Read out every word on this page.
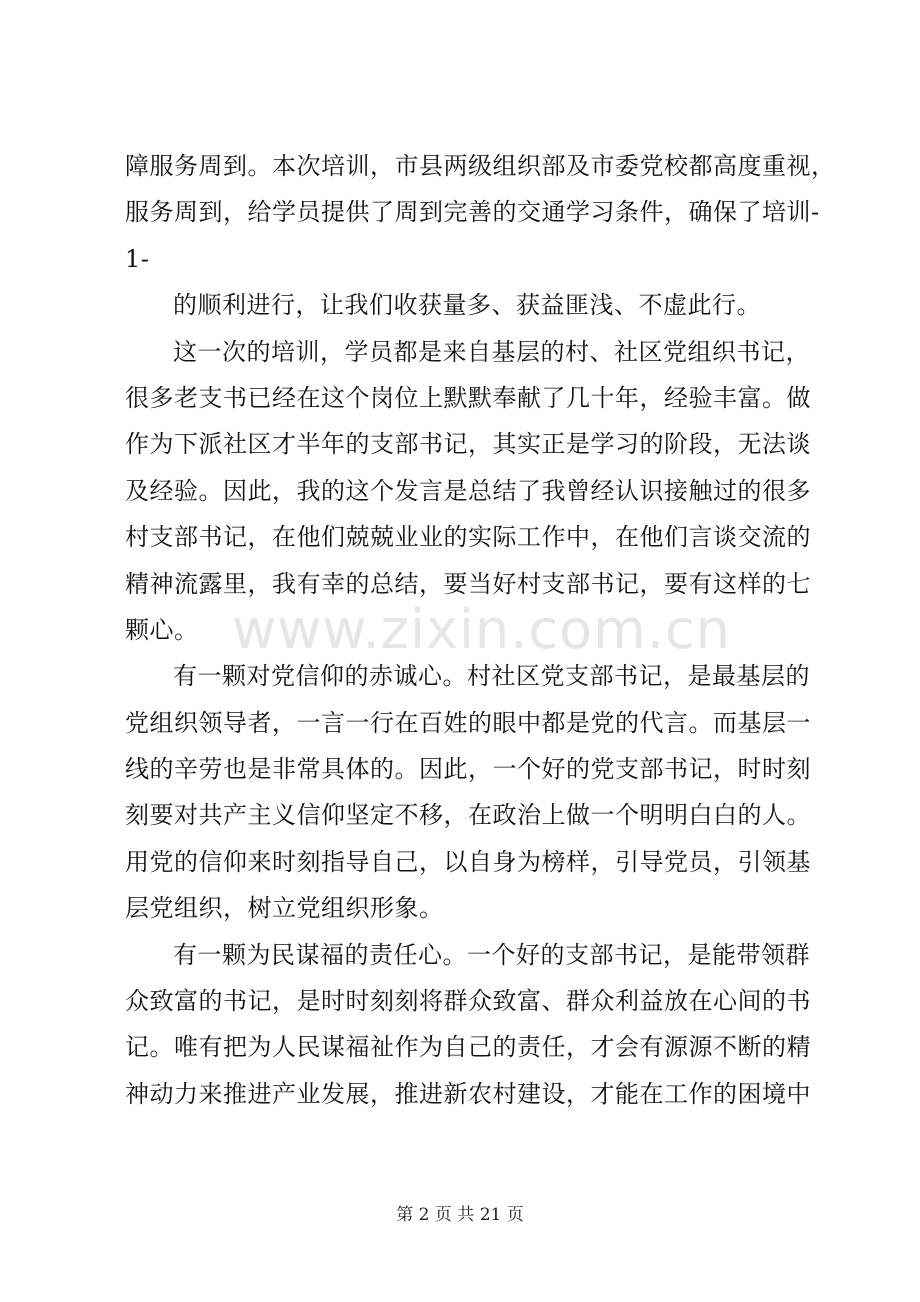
障服务周到。本次培训，市县两级组织部及市委党校都高度重视，
服务周到，给学员提供了周到完善的交通学习条件，确保了培训-
1-
的顺利进行，让我们收获量多、获益匪浅、不虚此行。
这一次的培训，学员都是来自基层的村、社区党组织书记，
很多老支书已经在这个岗位上默默奉献了几十年，经验丰富。做
作为下派社区才半年的支部书记，其实正是学习的阶段，无法谈
及经验。因此，我的这个发言是总结了我曾经认识接触过的很多
村支部书记，在他们兢兢业业的实际工作中，在他们言谈交流的
精神流露里，我有幸的总结，要当好村支部书记，要有这样的七
颗心。
有一颗对党信仰的赤诚心。村社区党支部书记，是最基层的
党组织领导者，一言一行在百姓的眼中都是党的代言。而基层一
线的辛劳也是非常具体的。因此，一个好的党支部书记，时时刻
刻要对共产主义信仰坚定不移，在政治上做一个明明白白的人。
用党的信仰来时刻指导自己，以自身为榜样，引导党员，引领基
层党组织，树立党组织形象。
有一颗为民谋福的责任心。一个好的支部书记，是能带领群
众致富的书记，是时时刻刻将群众致富、群众利益放在心间的书
记。唯有把为人民谋福祉作为自己的责任，才会有源源不断的精
神动力来推进产业发展，推进新农村建设，才能在工作的困境中
www.zixin.com.cn
第 2 页 共 21 页
